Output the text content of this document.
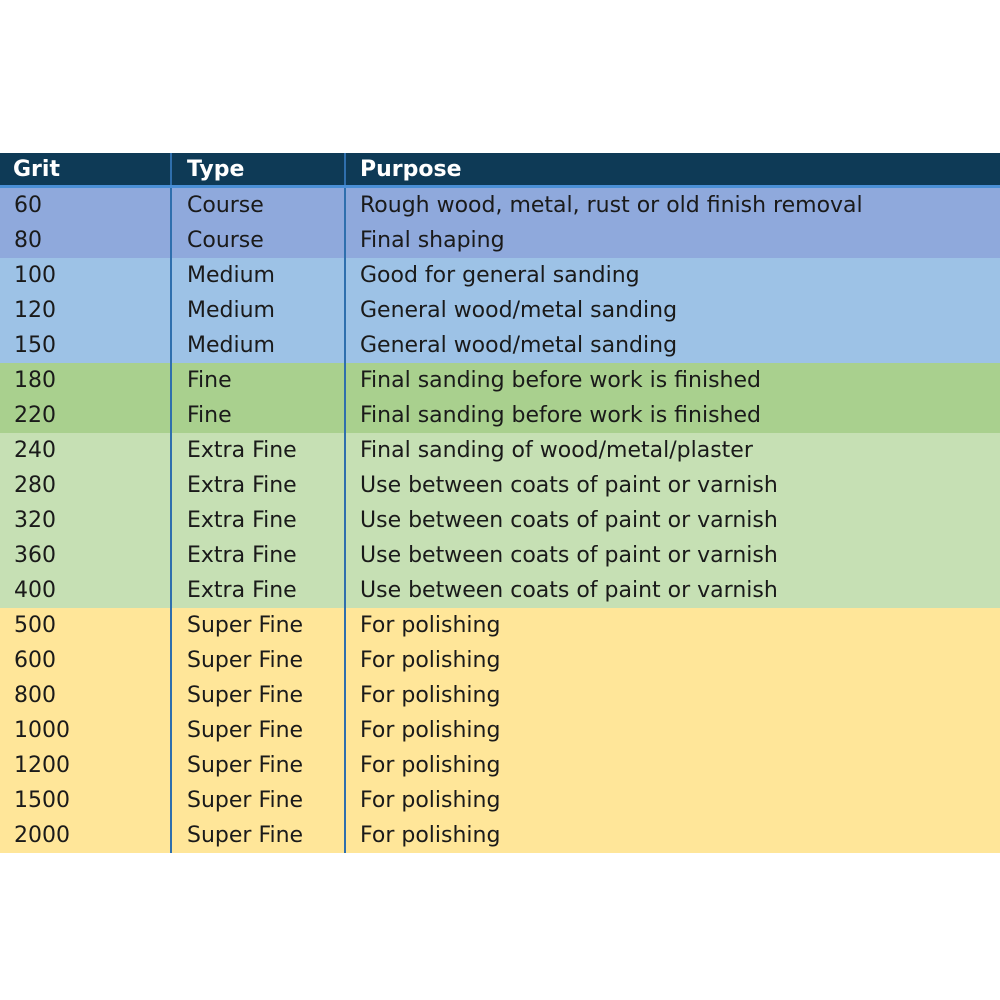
Grit	Type	Purpose
60	Course	Rough wood, metal, rust or old finish removal
80	Course	Final shaping
100	Medium	Good for general sanding
120	Medium	General wood/metal sanding
150	Medium	General wood/metal sanding
180	Fine	Final sanding before work is finished
220	Fine	Final sanding before work is finished
240	Extra Fine	Final sanding of wood/metal/plaster
280	Extra Fine	Use between coats of paint or varnish
320	Extra Fine	Use between coats of paint or varnish
360	Extra Fine	Use between coats of paint or varnish
400	Extra Fine	Use between coats of paint or varnish
500	Super Fine	For polishing
600	Super Fine	For polishing
800	Super Fine	For polishing
1000	Super Fine	For polishing
1200	Super Fine	For polishing
1500	Super Fine	For polishing
2000	Super Fine	For polishing
